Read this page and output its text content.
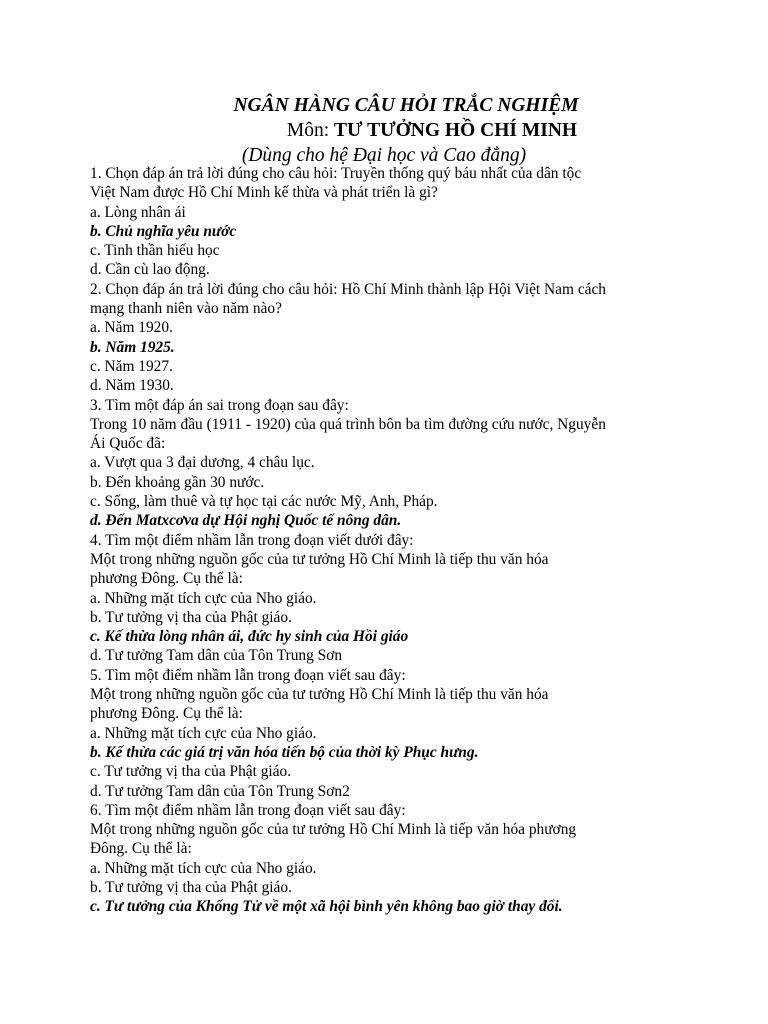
NGÂN HÀNG CÂU HỎI TRẮC NGHIỆM
Môn: TƯ TƯỞNG HỒ CHÍ MINH
(Dùng cho hệ Đại học và Cao đẳng)
1. Chọn đáp án trả lời đúng cho câu hỏi: Truyền thống quý báu nhất của dân tộc
Việt Nam được Hồ Chí Minh kế thừa và phát triển là gì?
a. Lòng nhân ái
b. Chủ nghĩa yêu nước
c. Tinh thần hiếu học
d. Cần cù lao động.
2. Chọn đáp án trả lời đúng cho câu hỏi: Hồ Chí Minh thành lập Hội Việt Nam cách
mạng thanh niên vào năm nào?
a. Năm 1920.
b. Năm 1925.
c. Năm 1927.
d. Năm 1930.
3. Tìm một đáp án sai trong đoạn sau đây:
Trong 10 năm đầu (1911 - 1920) của quá trình bôn ba tìm đường cứu nước, Nguyễn
Ái Quốc đã:
a. Vượt qua 3 đại dương, 4 châu lục.
b. Đến khoảng gần 30 nước.
c. Sống, làm thuê và tự học tại các nước Mỹ, Anh, Pháp.
d. Đến Matxcơva dự Hội nghị Quốc tế nông dân.
4. Tìm một điểm nhầm lẫn trong đoạn viết dưới đây:
Một trong những nguồn gốc của tư tưởng Hồ Chí Minh là tiếp thu văn hóa
phương Đông. Cụ thể là:
a. Những mặt tích cực của Nho giáo.
b. Tư tưởng vị tha của Phật giáo.
c. Kế thừa lòng nhân ái, đức hy sinh của Hồi giáo
d. Tư tưởng Tam dân của Tôn Trung Sơn
5. Tìm một điểm nhầm lẫn trong đoạn viết sau đây:
Một trong những nguồn gốc của tư tưởng Hồ Chí Minh là tiếp thu văn hóa
phương Đông. Cụ thể là:
a. Những mặt tích cực của Nho giáo.
b. Kế thừa các giá trị văn hóa tiến bộ của thời kỳ Phục hưng.
c. Tư tưởng vị tha của Phật giáo.
d. Tư tưởng Tam dân của Tôn Trung Sơn2
6. Tìm một điểm nhầm lẫn trong đoạn viết sau đây:
Một trong những nguồn gốc của tư tưởng Hồ Chí Minh là tiếp văn hóa phương
Đông. Cụ thể là:
a. Những mặt tích cực của Nho giáo.
b. Tư tưởng vị tha của Phật giáo.
c. Tư tưởng của Khống Tử về một xã hội bình yên không bao giờ thay đổi.
